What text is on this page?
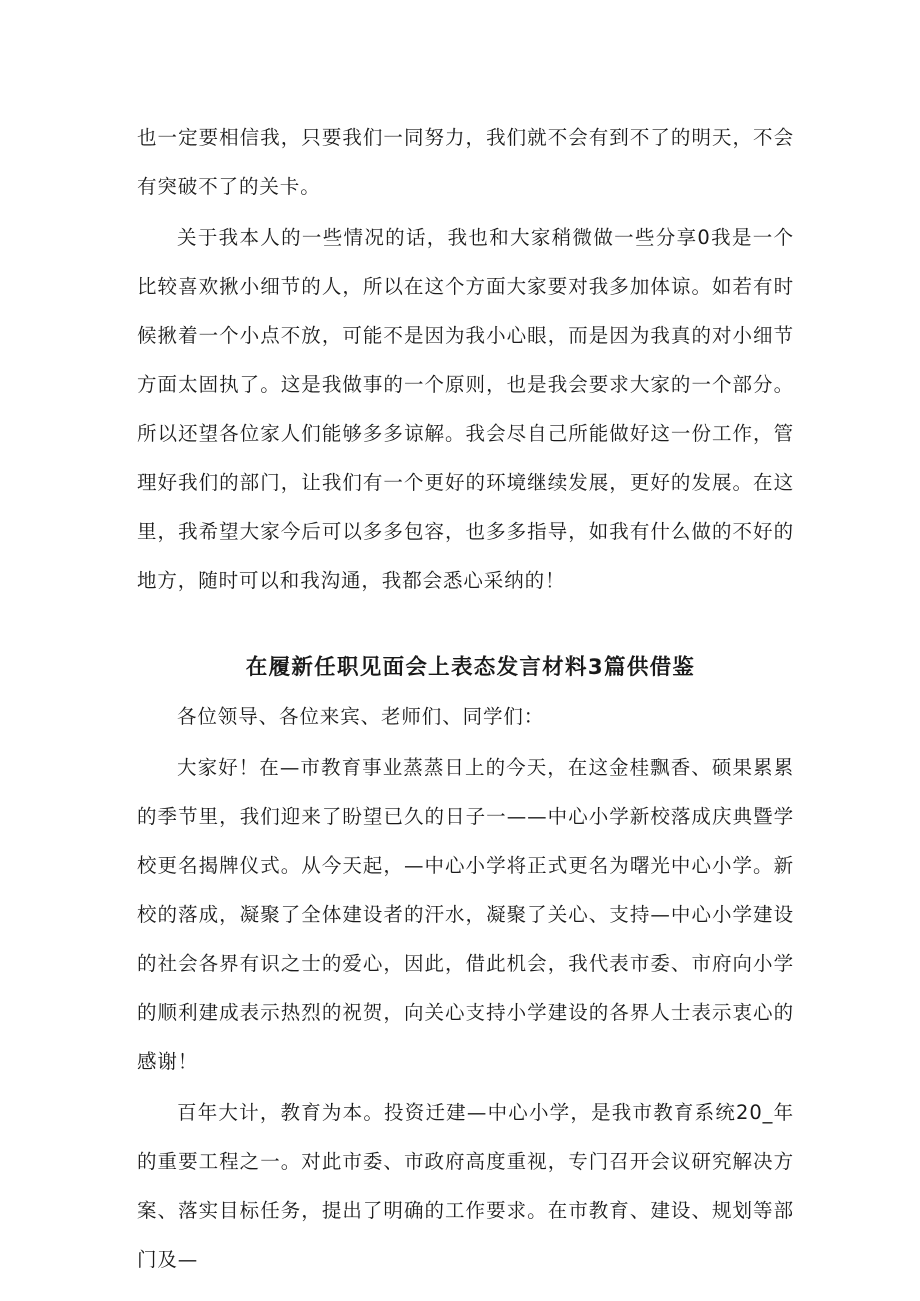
也一定要相信我，只要我们一同努力，我们就不会有到不了的明天，不会有突破不了的关卡。

关于我本人的一些情况的话，我也和大家稍微做一些分享0我是一个比较喜欢揪小细节的人，所以在这个方面大家要对我多加体谅。如若有时候揪着一个小点不放，可能不是因为我小心眼，而是因为我真的对小细节方面太固执了。这是我做事的一个原则，也是我会要求大家的一个部分。所以还望各位家人们能够多多谅解。我会尽自己所能做好这一份工作，管理好我们的部门，让我们有一个更好的环境继续发展，更好的发展。在这里，我希望大家今后可以多多包容，也多多指导，如我有什么做的不好的地方，随时可以和我沟通，我都会悉心采纳的！

在履新任职见面会上表态发言材料3篇供借鉴

各位领导、各位来宾、老师们、同学们：

大家好！在—市教育事业蒸蒸日上的今天，在这金桂飘香、硕果累累的季节里，我们迎来了盼望已久的日子一——中心小学新校落成庆典暨学校更名揭牌仪式。从今天起，—中心小学将正式更名为曙光中心小学。新校的落成，凝聚了全体建设者的汗水，凝聚了关心、支持—中心小学建设的社会各界有识之士的爱心，因此，借此机会，我代表市委、市府向小学的顺利建成表示热烈的祝贺，向关心支持小学建设的各界人士表示衷心的感谢！

百年大计，教育为本。投资迁建—中心小学，是我市教育系统20_年的重要工程之一。对此市委、市政府高度重视，专门召开会议研究解决方案、落实目标任务，提出了明确的工作要求。在市教育、建设、规划等部门及—
